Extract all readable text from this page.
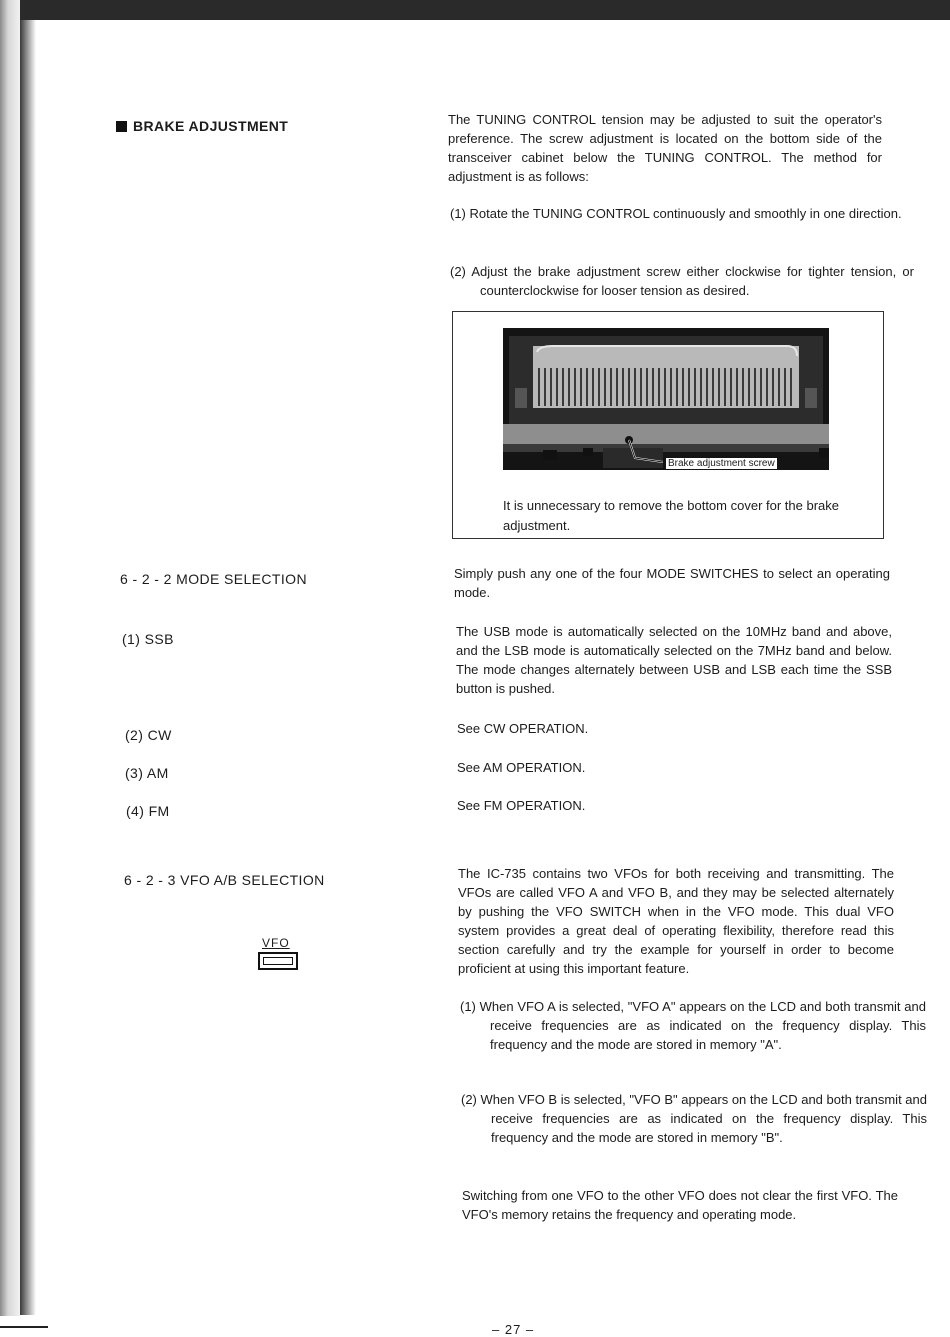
BRAKE ADJUSTMENT	The TUNING CONTROL tension may be adjusted to suit the operator's preference. The screw adjustment is located on the bottom side of the transceiver cabinet below the TUNING CONTROL. The method for adjustment is as follows:
(1) Rotate the TUNING CONTROL continuously and smoothly in one direction.
(2) Adjust the brake adjustment screw either clockwise for tighter tension, or counterclockwise for looser tension as desired.
Brake adjustment screw
It is unnecessary to remove the bottom cover for the brake adjustment.
6 - 2 - 2 MODE SELECTION	Simply push any one of the four MODE SWITCHES to select an operating mode.
(1) SSB	The USB mode is automatically selected on the 10MHz band and above, and the LSB mode is automatically selected on the 7MHz band and below. The mode changes alternately between USB and LSB each time the SSB button is pushed.
(2) CW	See CW OPERATION.
(3) AM	See AM OPERATION.
(4) FM	See FM OPERATION.
6 - 2 - 3 VFO A/B SELECTION
VFO
The IC-735 contains two VFOs for both receiving and transmitting. The VFOs are called VFO A and VFO B, and they may be selected alternately by pushing the VFO SWITCH when in the VFO mode. This dual VFO system provides a great deal of operating flexibility, therefore read this section carefully and try the example for yourself in order to become proficient at using this important feature.
(1) When VFO A is selected, "VFO A" appears on the LCD and both transmit and receive frequencies are as indicated on the frequency display. This frequency and the mode are stored in memory "A".
(2) When VFO B is selected, "VFO B" appears on the LCD and both transmit and receive frequencies are as indicated on the frequency display. This frequency and the mode are stored in memory "B".
Switching from one VFO to the other VFO does not clear the first VFO. The VFO's memory retains the frequency and operating mode.
– 27 –
